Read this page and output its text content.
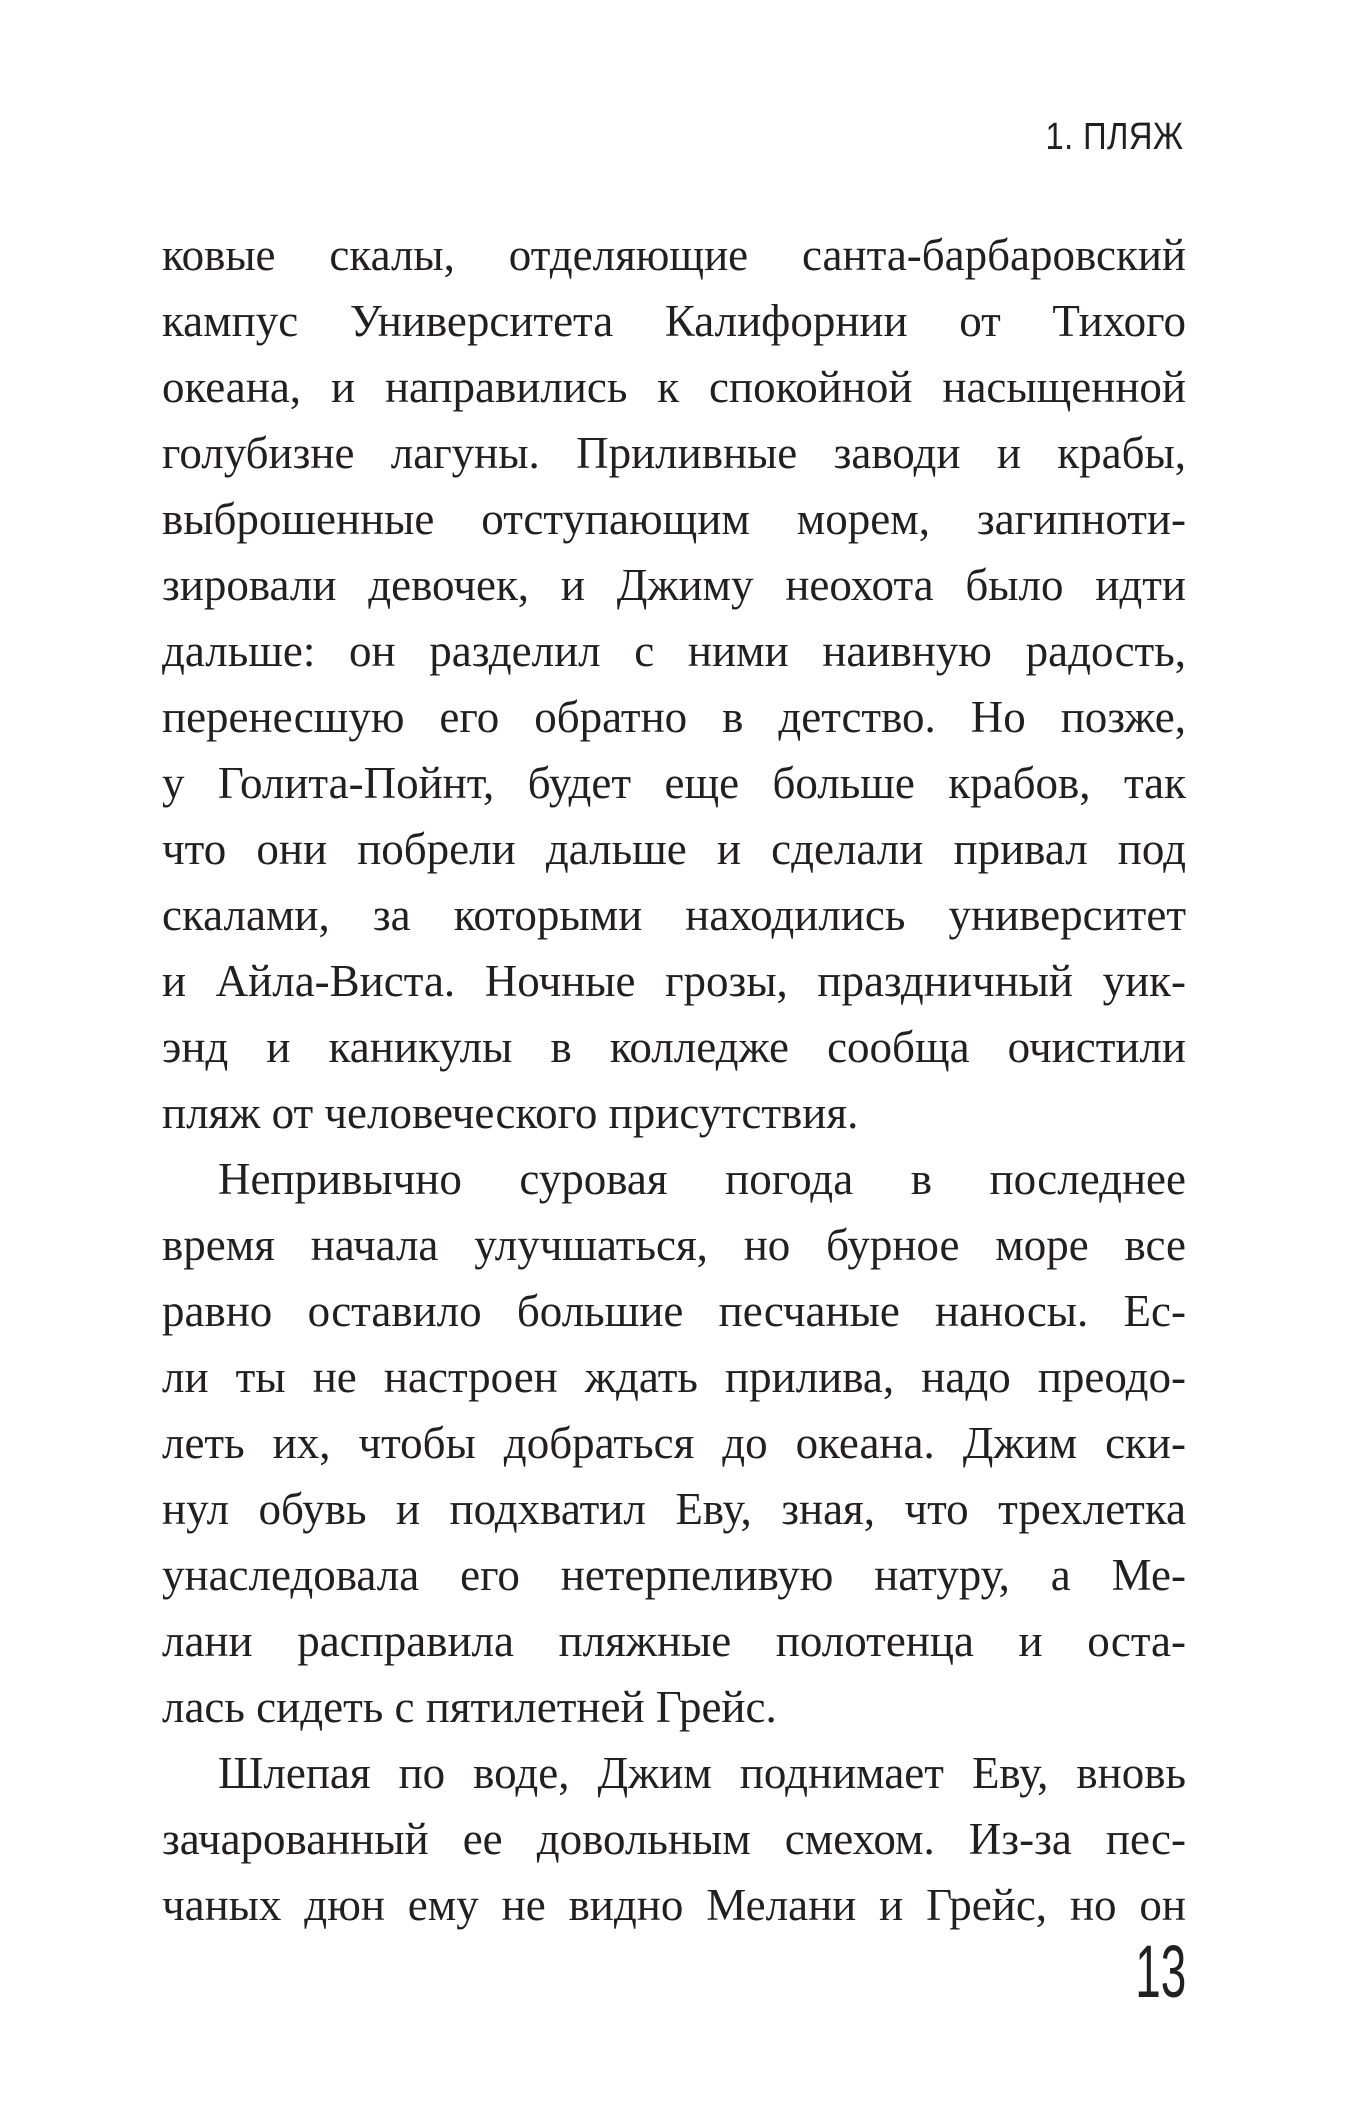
1. ПЛЯЖ
ковые скалы, отделяющие санта-барбаровский
кампус Университета Калифорнии от Тихого
океана, и направились к спокойной насыщенной
голубизне лагуны. Приливные заводи и крабы,
выброшенные отступающим морем, загипноти-
зировали девочек, и Джиму неохота было идти
дальше: он разделил с ними наивную радость,
перенесшую его обратно в детство. Но позже,
у Голита-Пойнт, будет еще больше крабов, так
что они побрели дальше и сделали привал под
скалами, за которыми находились университет
и Айла-Виста. Ночные грозы, праздничный уик-
энд и каникулы в колледже сообща очистили
пляж от человеческого присутствия.
Непривычно суровая погода в последнее
время начала улучшаться, но бурное море все
равно оставило большие песчаные наносы. Ес-
ли ты не настроен ждать прилива, надо преодо-
леть их, чтобы добраться до океана. Джим ски-
нул обувь и подхватил Еву, зная, что трехлетка
унаследовала его нетерпеливую натуру, а Ме-
лани расправила пляжные полотенца и оста-
лась сидеть с пятилетней Грейс.
Шлепая по воде, Джим поднимает Еву, вновь
зачарованный ее довольным смехом. Из-за пес-
чаных дюн ему не видно Мелани и Грейс, но он
13
